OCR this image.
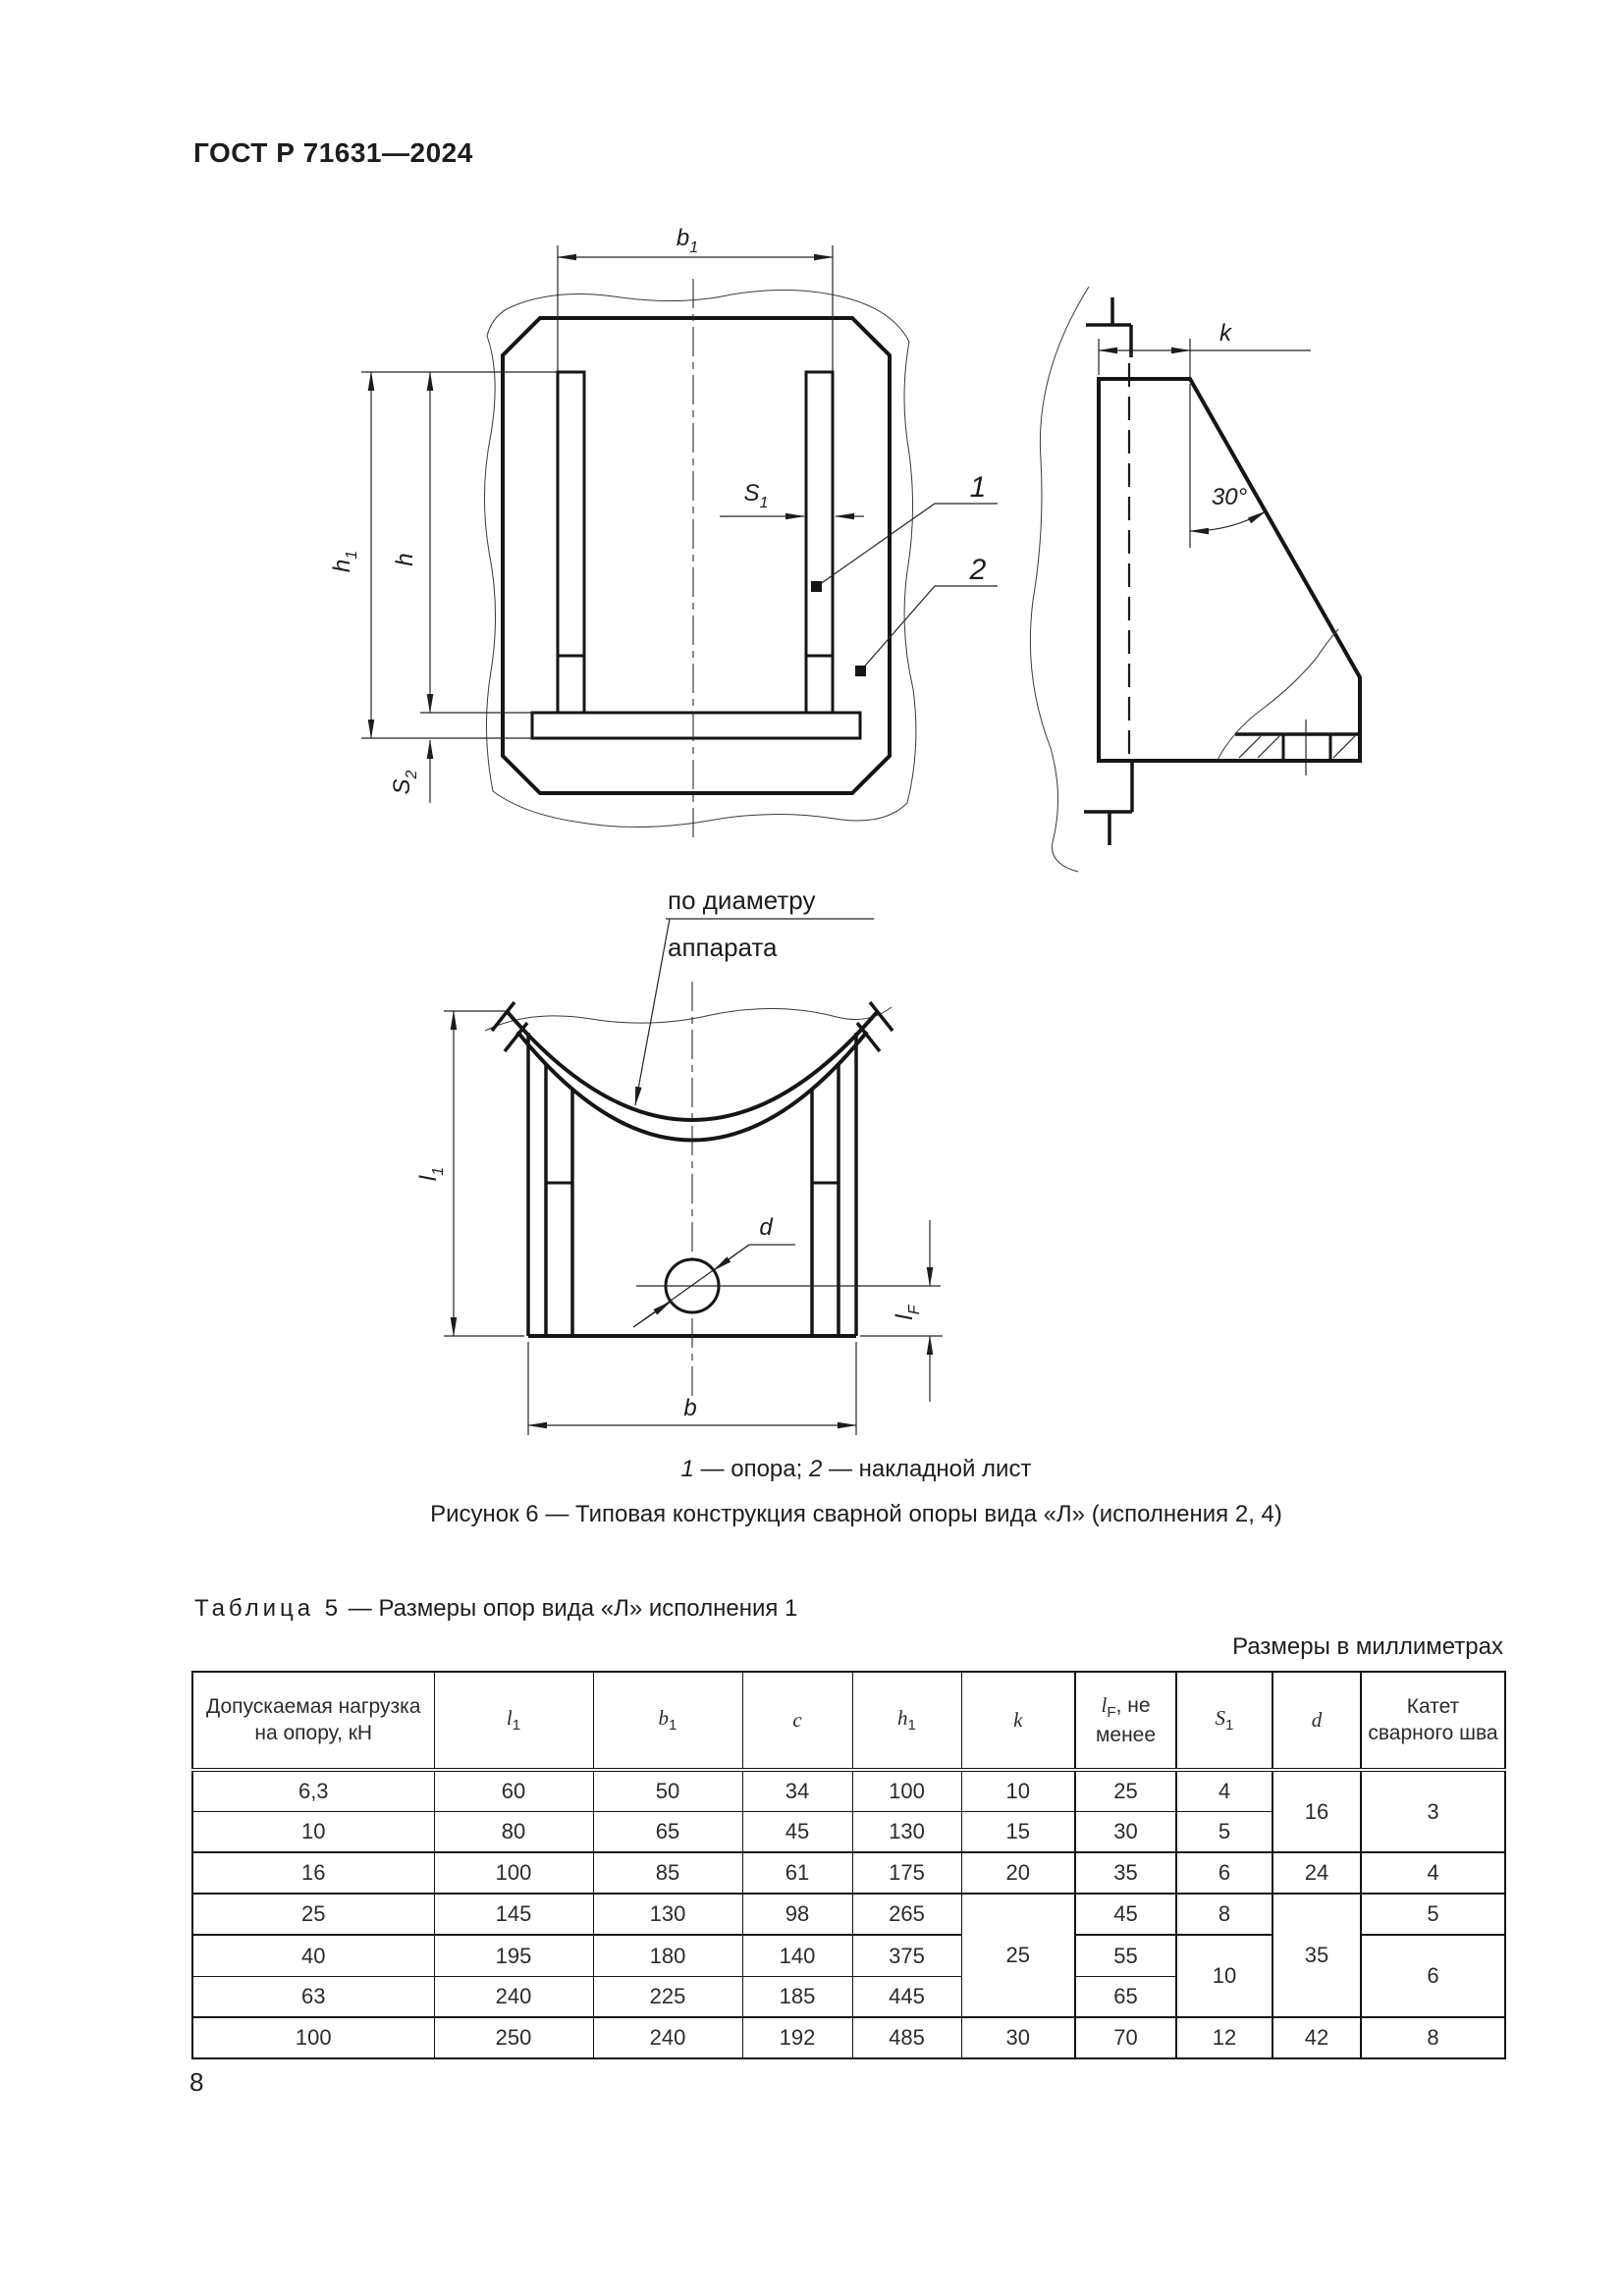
ГОСТ Р 71631—2024
$b_1$
$h_1$ h
$S_2$
$S_1$	1
2
k
30°
по диаметру
аппарата
d
$l_1$
$l_F$
b
1 — опора; 2 — накладной лист
Рисунок 6 — Типовая конструкция сварной опоры вида «Л» (исполнения 2, 4)
Таблица 5 — Размеры опор вида «Л» исполнения 1
Размеры в миллиметрах
Допускаемая нагрузка на опору, кН	$l_1$	$b_1$	c	$h_1$	k	$l_F$, не менее	$S_1$	d	Катет сварного шва
6,3	60	50	34	100	10	25	4	16	3
10	80	65	45	130	15	30	5		
16	100	85	61	175	20	35	6	24	4
25	145	130	98	265	25	45	8	35	5
40	195	180	140	375		55	10		6
63	240	225	185	445		65			
100	250	240	192	485	30	70	12	42	8
8
